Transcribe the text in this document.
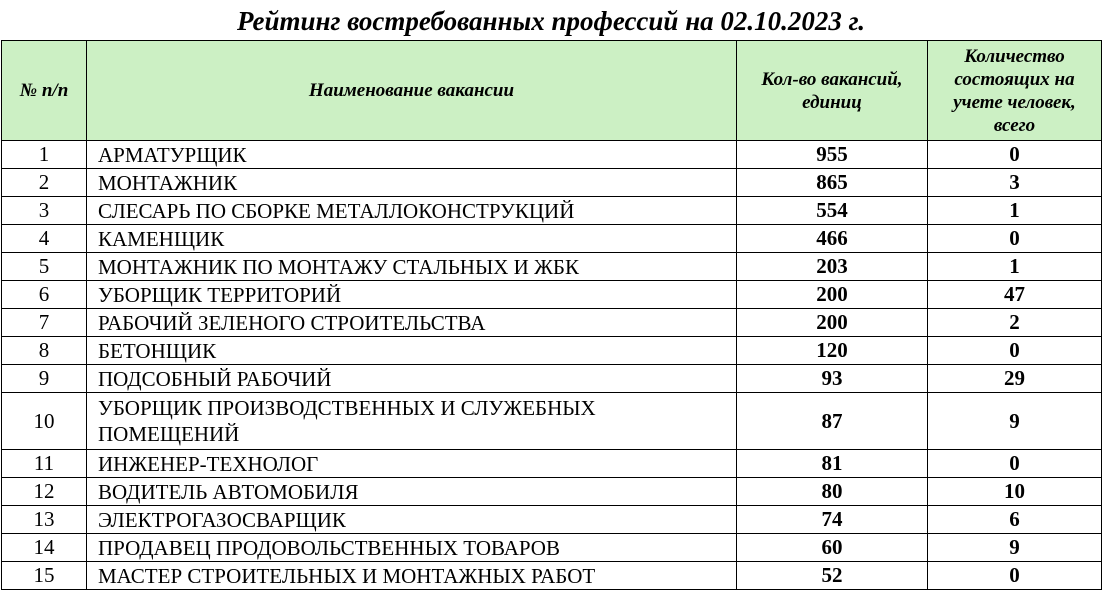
Рейтинг востребованных профессий на 02.10.2023 г.
№ п/п	Наименование вакансии	Кол-во вакансий, единиц	Количество состоящих на учете человек, всего
1	АРМАТУРЩИК	955	0
2	МОНТАЖНИК	865	3
3	СЛЕСАРЬ ПО СБОРКЕ МЕТАЛЛОКОНСТРУКЦИЙ	554	1
4	КАМЕНЩИК	466	0
5	МОНТАЖНИК ПО МОНТАЖУ СТАЛЬНЫХ И ЖБК	203	1
6	УБОРЩИК ТЕРРИТОРИЙ	200	47
7	РАБОЧИЙ ЗЕЛЕНОГО СТРОИТЕЛЬСТВА	200	2
8	БЕТОНЩИК	120	0
9	ПОДСОБНЫЙ РАБОЧИЙ	93	29
10	УБОРЩИК ПРОИЗВОДСТВЕННЫХ И СЛУЖЕБНЫХ ПОМЕЩЕНИЙ	87	9
11	ИНЖЕНЕР-ТЕХНОЛОГ	81	0
12	ВОДИТЕЛЬ АВТОМОБИЛЯ	80	10
13	ЭЛЕКТРОГАЗОСВАРЩИК	74	6
14	ПРОДАВЕЦ ПРОДОВОЛЬСТВЕННЫХ ТОВАРОВ	60	9
15	МАСТЕР СТРОИТЕЛЬНЫХ И МОНТАЖНЫХ РАБОТ	52	0
